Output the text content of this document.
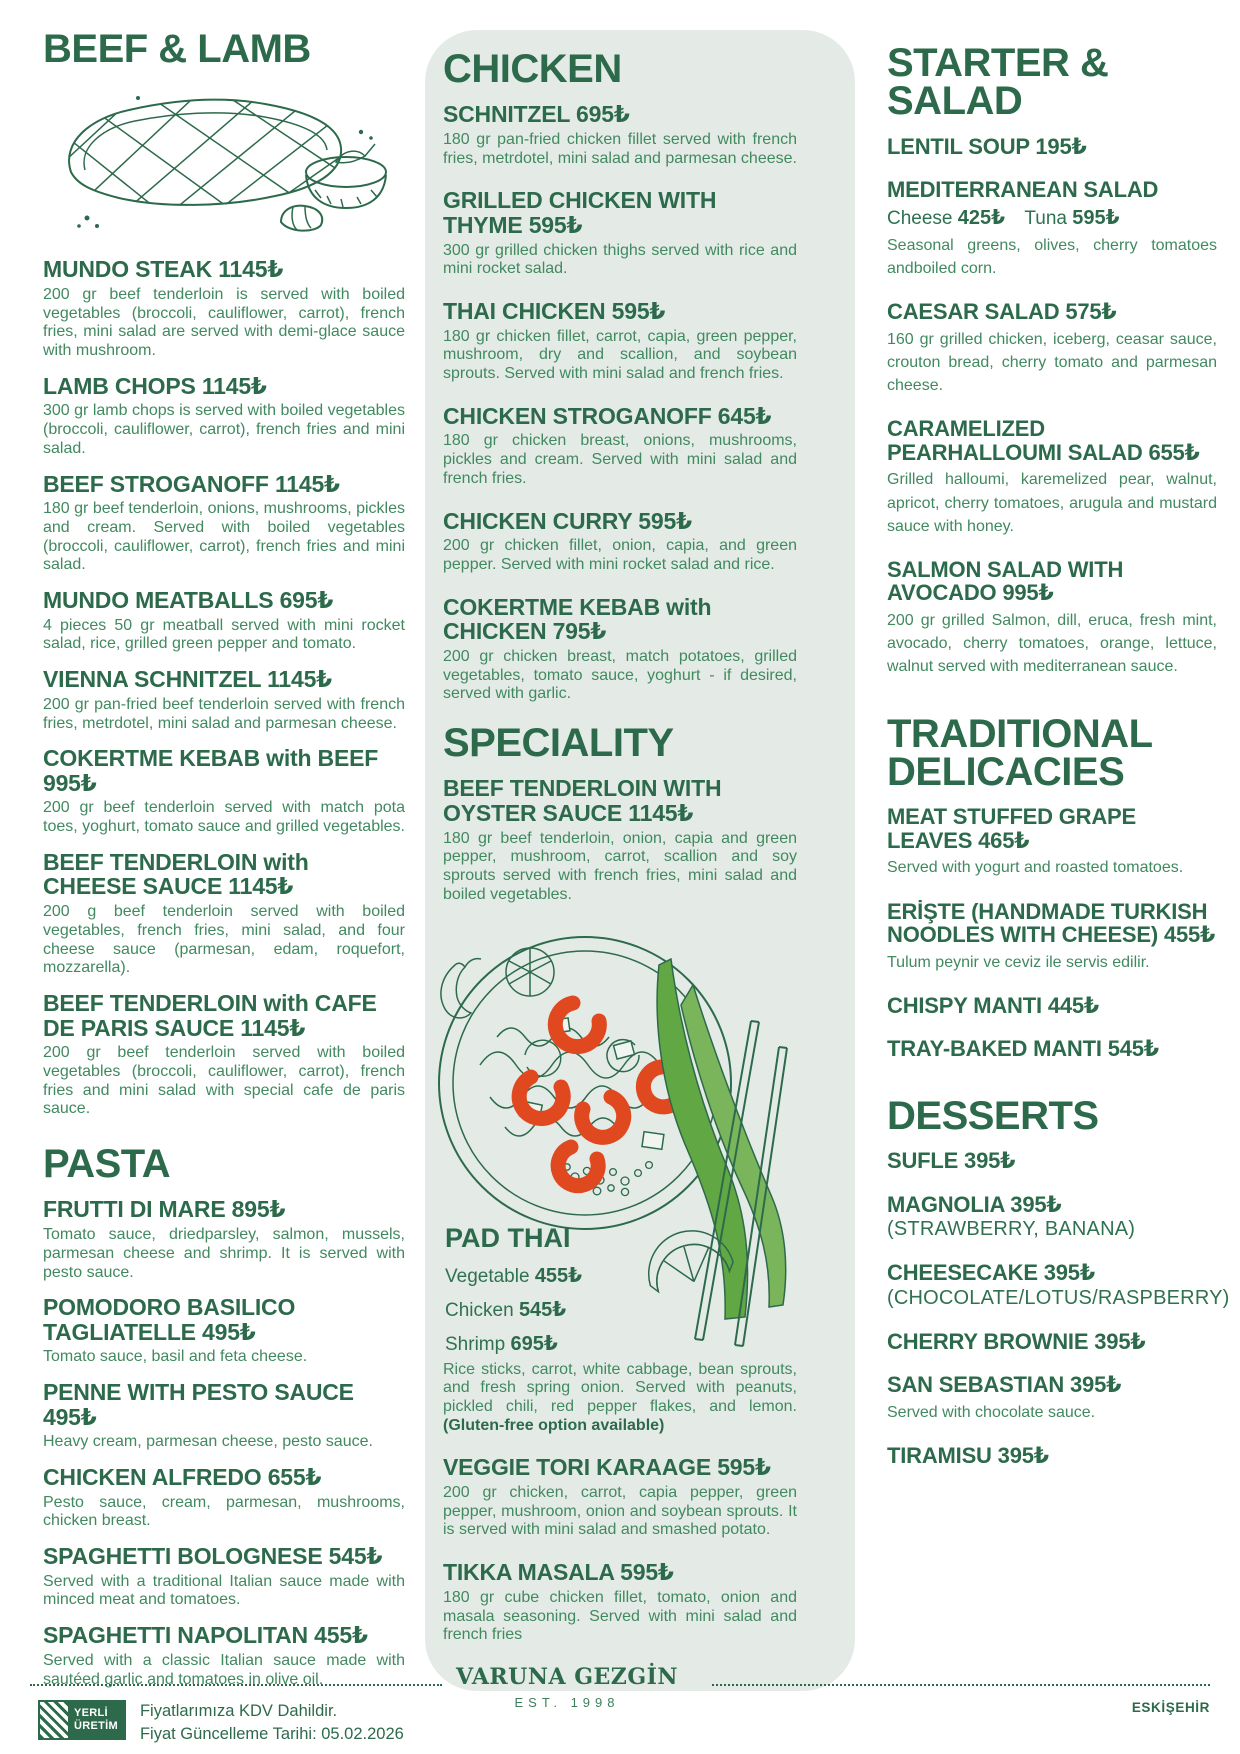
BEEF & LAMB
MUNDO STEAK 1145₺
200 gr beef tenderloin is served with boiled vegetables (broccoli, cauliflower, carrot), french fries, mini salad are served with demi-glace sauce with mushroom.
LAMB CHOPS 1145₺
300 gr lamb chops is served with boiled vegetables (broccoli, cauliflower, carrot), french fries and mini salad.
BEEF STROGANOFF 1145₺
180 gr beef tenderloin, onions, mushrooms, pickles and cream. Served with boiled vegetables (broccoli, cauliflower, carrot), french fries and mini salad.
MUNDO MEATBALLS 695₺
4 pieces 50 gr meatball served with mini rocket salad, rice, grilled green pepper and tomato.
VIENNA SCHNITZEL 1145₺
200 gr pan-fried beef tenderloin served with french fries, metrdotel, mini salad and parmesan cheese.
COKERTME KEBAB with BEEF 995₺
200 gr beef tenderloin served with match pota toes, yoghurt, tomato sauce and grilled vegetables.
BEEF TENDERLOIN with CHEESE SAUCE 1145₺
200 g beef tenderloin served with boiled vegetables, french fries, mini salad, and four cheese sauce (parmesan, edam, roquefort, mozzarella).
BEEF TENDERLOIN with CAFE DE PARIS SAUCE 1145₺
200 gr beef tenderloin served with boiled vegetables (broccoli, cauliflower, carrot), french fries and mini salad with special cafe de paris sauce.
PASTA
FRUTTI DI MARE 895₺
Tomato sauce, driedparsley, salmon, mussels, parmesan cheese and shrimp. It is served with pesto sauce.
POMODORO BASILICO TAGLIATELLE 495₺
Tomato sauce, basil and feta cheese.
PENNE WITH PESTO SAUCE 495₺
Heavy cream, parmesan cheese, pesto sauce.
CHICKEN ALFREDO 655₺
Pesto sauce, cream, parmesan, mushrooms, chicken breast.
SPAGHETTI BOLOGNESE 545₺
Served with a traditional Italian sauce made with minced meat and tomatoes.
SPAGHETTI NAPOLITAN 455₺
Served with a classic Italian sauce made with sautéed garlic and tomatoes in olive oil.
CHICKEN
SCHNITZEL 695₺
180 gr pan-fried chicken fillet served with french fries, metrdotel, mini salad and parmesan cheese.
GRILLED CHICKEN WITH THYME 595₺
300 gr grilled chicken thighs served with rice and mini rocket salad.
THAI CHICKEN 595₺
180 gr chicken fillet, carrot, capia, green pepper, mushroom, dry and scallion, and soybean sprouts. Served with mini salad and french fries.
CHICKEN STROGANOFF 645₺
180 gr chicken breast, onions, mushrooms, pickles and cream. Served with mini salad and french fries.
CHICKEN CURRY 595₺
200 gr chicken fillet, onion, capia, and green pepper. Served with mini rocket salad and rice.
COKERTME KEBAB with CHICKEN 795₺
200 gr chicken breast, match potatoes, grilled vegetables, tomato sauce, yoghurt - if desired, served with garlic.
SPECIALITY
BEEF TENDERLOIN WITH OYSTER SAUCE 1145₺
180 gr beef tenderloin, onion, capia and green pepper, mushroom, carrot, scallion and soy sprouts served with french fries, mini salad and boiled vegetables.
PAD THAI
Vegetable 455₺
Chicken 545₺
Shrimp 695₺
Rice sticks, carrot, white cabbage, bean sprouts, and fresh spring onion. Served with peanuts, pickled chili, red pepper flakes, and lemon. (Gluten-free option available)
VEGGIE TORI KARAAGE 595₺
200 gr chicken, carrot, capia pepper, green pepper, mushroom, onion and soybean sprouts. It is served with mini salad and smashed potato.
TIKKA MASALA 595₺
180 gr cube chicken fillet, tomato, onion and masala seasoning. Served with mini salad and french fries
STARTER & SALAD
LENTIL SOUP 195₺
MEDITERRANEAN SALAD
Cheese 425₺ Tuna 595₺
Seasonal greens, olives, cherry tomatoes andboiled corn.
CAESAR SALAD 575₺
160 gr grilled chicken, iceberg, ceasar sauce, crouton bread, cherry tomato and parmesan cheese.
CARAMELIZED PEARHALLOUMI SALAD 655₺
Grilled halloumi, karemelized pear, walnut, apricot, cherry tomatoes, arugula and mustard sauce with honey.
SALMON SALAD WITH AVOCADO 995₺
200 gr grilled Salmon, dill, eruca, fresh mint, avocado, cherry tomatoes, orange, lettuce, walnut served with mediterranean sauce.
TRADITIONAL DELICACIES
MEAT STUFFED GRAPE LEAVES 465₺
Served with yogurt and roasted tomatoes.
ERİŞTE (HANDMADE TURKISH NOODLES WITH CHEESE) 455₺
Tulum peynir ve ceviz ile servis edilir.
CHISPY MANTI 445₺
TRAY-BAKED MANTI 545₺
DESSERTS
SUFLE 395₺
MAGNOLIA 395₺
(STRAWBERRY, BANANA)
CHEESECAKE 395₺
(CHOCOLATE/LOTUS/RASPBERRY)
CHERRY BROWNIE 395₺
SAN SEBASTIAN 395₺
Served with chocolate sauce.
TIRAMISU 395₺
VARUNA GEZGİN
EST. 1998	ESKİŞEHİR
YERLİ
ÜRETİM
Fiyatlarımıza KDV Dahildir.
Fiyat Güncelleme Tarihi: 05.02.2026
